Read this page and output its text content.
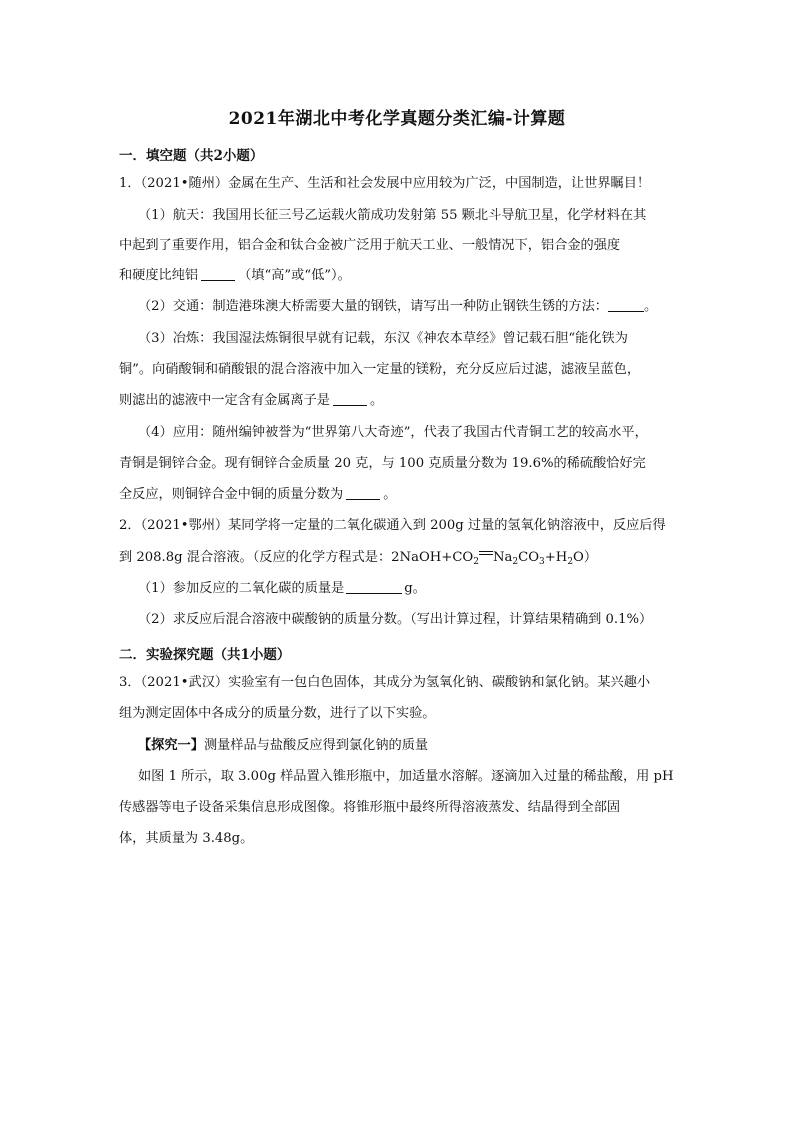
2021年湖北中考化学真题分类汇编-计算题
一．填空题（共2小题）
1．（2021•随州）金属在生产、生活和社会发展中应用较为广泛，中国制造，让世界瞩目！
（1）航天：我国用长征三号乙运载火箭成功发射第 55 颗北斗导航卫星，化学材料在其
中起到了重要作用，铝合金和钛合金被广泛用于航天工业、一般情况下，铝合金的强度
和硬度比纯铝	（填“高”或“低”）。
（2）交通：制造港珠澳大桥需要大量的钢铁，请写出一种防止钢铁生锈的方法：	。
（3）冶炼：我国湿法炼铜很早就有记载，东汉《神农本草经》曾记载石胆“能化铁为
铜”。向硝酸铜和硝酸银的混合溶液中加入一定量的镁粉，充分反应后过滤，滤液呈蓝色，
则滤出的滤液中一定含有金属离子是	。
（4）应用：随州编钟被誉为“世界第八大奇迹”，代表了我国古代青铜工艺的较高水平，
青铜是铜锌合金。现有铜锌合金质量 20 克，与 100 克质量分数为 19.6%的稀硫酸恰好完
全反应，则铜锌合金中铜的质量分数为	。
2．（2021•鄂州）某同学将一定量的二氧化碳通入到 200g 过量的氢氧化钠溶液中，反应后得
到 208.8g 混合溶液。（反应的化学方程式是：$2NaOH+CO_2$ $Na_2CO_3+H_2O$）
（1）参加反应的二氧化碳的质量是	g。
（2）求反应后混合溶液中碳酸钠的质量分数。（写出计算过程，计算结果精确到 0.1%）
二．实验探究题（共1小题）
3．（2021•武汉）实验室有一包白色固体，其成分为氢氧化钠、碳酸钠和氯化钠。某兴趣小
组为测定固体中各成分的质量分数，进行了以下实验。
【探究一】测量样品与盐酸反应得到氯化钠的质量
如图 1 所示，取 3.00g 样品置入锥形瓶中，加适量水溶解。逐滴加入过量的稀盐酸，用 pH
传感器等电子设备采集信息形成图像。将锥形瓶中最终所得溶液蒸发、结晶得到全部固
体，其质量为 3.48g。
